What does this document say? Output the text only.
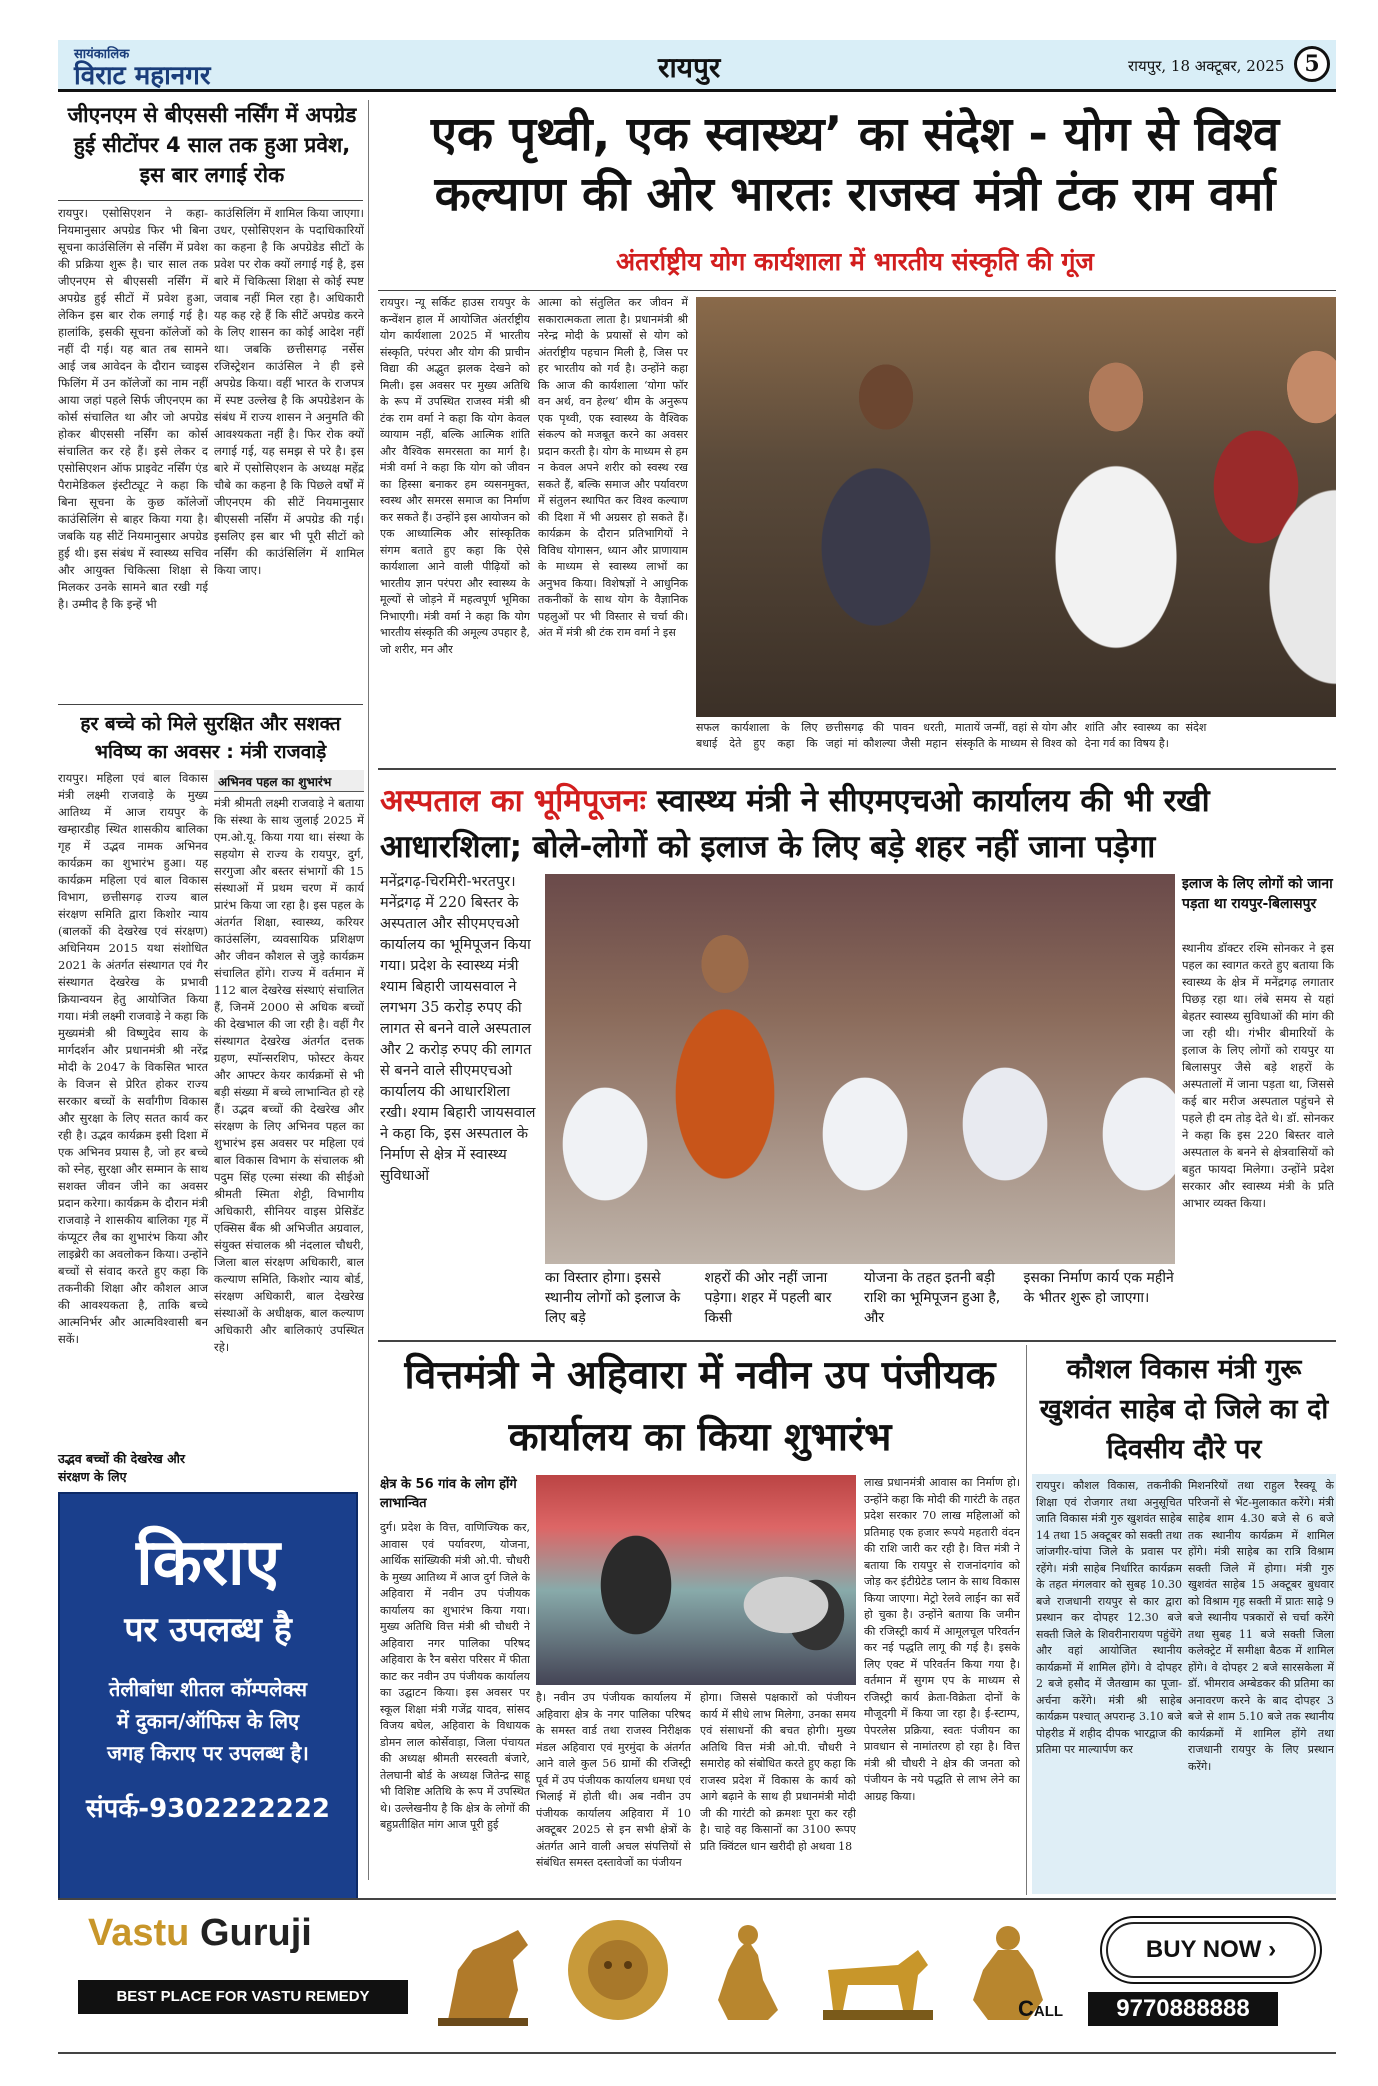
सायंकालिक
विराट महानगर	रायपुर	रायपुर, 18 अक्टूबर, 2025 5
जीएनएम से बीएससी नर्सिंग में अपग्रेड हुई सीटोंपर 4 साल तक हुआ प्रवेश, इस बार लगाई रोक
रायपुर। एसोसिएशन ने कहा- नियमानुसार अपग्रेड फिर भी बिना सूचना काउंसिलिंग से नर्सिंग में प्रवेश की प्रक्रिया शुरू है। चार साल तक जीएनएम से बीएससी नर्सिंग में अपग्रेड हुई सीटों में प्रवेश हुआ, लेकिन इस बार रोक लगाई गई है। हालांकि, इसकी सूचना कॉलेजों को नहीं दी गई। यह बात तब सामने आई जब आवेदन के दौरान च्वाइस फिलिंग में उन कॉलेजों का नाम नहीं आया जहां पहले सिर्फ जीएनएम का कोर्स संचालित था और जो अपग्रेड होकर बीएससी नर्सिंग का कोर्स संचालित कर रहे हैं। इसे लेकर द एसोसिएशन ऑफ प्राइवेट नर्सिंग एंड पैरामेडिकल इंस्टीट्यूट ने कहा कि बिना सूचना के कुछ कॉलेजों काउंसिलिंग से बाहर किया गया है। जबकि यह सीटें नियमानुसार अपग्रेड हुई थी। इस संबंध में स्वास्थ्य सचिव और आयुक्त चिकित्सा शिक्षा से मिलकर उनके सामने बात रखी गई है। उम्मीद है कि इन्हें भी
काउंसिलिंग में शामिल किया जाएगा। उधर, एसोसिएशन के पदाधिकारियों का कहना है कि अपग्रेडेड सीटों के प्रवेश पर रोक क्यों लगाई गई है, इस बारे में चिकित्सा शिक्षा से कोई स्पष्ट जवाब नहीं मिल रहा है। अधिकारी यह कह रहे हैं कि सीटें अपग्रेड करने के लिए शासन का कोई आदेश नहीं था। जबकि छत्तीसगढ़ नर्सेस रजिस्ट्रेशन काउंसिल ने ही इसे अपग्रेड किया। वहीं भारत के राजपत्र में स्पष्ट उल्लेख है कि अपग्रेडेशन के संबंध में राज्य शासन ने अनुमति की आवश्यकता नहीं है। फिर रोक क्यों लगाई गई, यह समझ से परे है। इस बारे में एसोसिएशन के अध्यक्ष महेंद्र चौबे का कहना है कि पिछले वर्षों में जीएनएम की सीटें नियमानुसार बीएससी नर्सिंग में अपग्रेड की गई। इसलिए इस बार भी पूरी सीटों को नर्सिंग की काउंसिलिंग में शामिल किया जाए।
हर बच्चे को मिले सुरक्षित और सशक्त भविष्य का अवसर : मंत्री राजवाड़े
रायपुर। महिला एवं बाल विकास मंत्री लक्ष्मी राजवाड़े के मुख्य आतिथ्य में आज रायपुर के खम्हारडीह स्थित शासकीय बालिका गृह में उद्भव नामक अभिनव कार्यक्रम का शुभारंभ हुआ। यह कार्यक्रम महिला एवं बाल विकास विभाग, छत्तीसगढ़ राज्य बाल संरक्षण समिति द्वारा किशोर न्याय (बालकों की देखरेख एवं संरक्षण) अधिनियम 2015 यथा संशोधित 2021 के अंतर्गत संस्थागत एवं गैर संस्थागत देखरेख के प्रभावी क्रियान्वयन हेतु आयोजित किया गया। मंत्री लक्ष्मी राजवाड़े ने कहा कि मुख्यमंत्री श्री विष्णुदेव साय के मार्गदर्शन और प्रधानमंत्री श्री नरेंद्र मोदी के 2047 के विकसित भारत के विजन से प्रेरित होकर राज्य सरकार बच्चों के सर्वांगीण विकास और सुरक्षा के लिए सतत कार्य कर रही है। उद्भव कार्यक्रम इसी दिशा में एक अभिनव प्रयास है, जो हर बच्चे को स्नेह, सुरक्षा और सम्मान के साथ सशक्त जीवन जीने का अवसर प्रदान करेगा। कार्यक्रम के दौरान मंत्री राजवाड़े ने शासकीय बालिका गृह में कंप्यूटर लैब का शुभारंभ किया और लाइब्रेरी का अवलोकन किया। उन्होंने बच्चों से संवाद करते हुए कहा कि तकनीकी शिक्षा और कौशल आज की आवश्यकता है, ताकि बच्चे आत्मनिर्भर और आत्मविश्वासी बन सकें।
अभिनव पहल का शुभारंभ
मंत्री श्रीमती लक्ष्मी राजवाड़े ने बताया कि संस्था के साथ जुलाई 2025 में एम.ओ.यू. किया गया था। संस्था के सहयोग से राज्य के रायपुर, दुर्ग, सरगुजा और बस्तर संभागों की 15 संस्थाओं में प्रथम चरण में कार्य प्रारंभ किया जा रहा है। इस पहल के अंतर्गत शिक्षा, स्वास्थ्य, करियर काउंसलिंग, व्यवसायिक प्रशिक्षण और जीवन कौशल से जुड़े कार्यक्रम संचालित होंगे। राज्य में वर्तमान में 112 बाल देखरेख संस्थाएं संचालित हैं, जिनमें 2000 से अधिक बच्चों की देखभाल की जा रही है। वहीं गैर संस्थागत देखरेख अंतर्गत दत्तक ग्रहण, स्पॉन्सरशिप, फोस्टर केयर और आफ्टर केयर कार्यक्रमों से भी बड़ी संख्या में बच्चे लाभान्वित हो रहे हैं। उद्भव बच्चों की देखरेख और संरक्षण के लिए अभिनव पहल का शुभारंभ इस अवसर पर महिला एवं बाल विकास विभाग के संचालक श्री पदुम सिंह एल्मा संस्था की सीईओ श्रीमती स्मिता शेट्टी, विभागीय अधिकारी, सीनियर वाइस प्रेसिडेंट एक्सिस बैंक श्री अभिजीत अग्रवाल, संयुक्त संचालक श्री नंदलाल चौधरी, जिला बाल संरक्षण अधिकारी, बाल कल्याण समिति, किशोर न्याय बोर्ड, संरक्षण अधिकारी, बाल देखरेख संस्थाओं के अधीक्षक, बाल कल्याण अधिकारी और बालिकाएं उपस्थित रहे।
उद्भव बच्चों की देखरेख और संरक्षण के लिए
एक पृथ्वी, एक स्वास्थ्य’ का संदेश - योग से विश्व
कल्याण की ओर भारतः राजस्व मंत्री टंक राम वर्मा
अंतर्राष्ट्रीय योग कार्यशाला में भारतीय संस्कृति की गूंज
रायपुर। न्यू सर्किट हाउस रायपुर के कन्वेंशन हाल में आयोजित अंतर्राष्ट्रीय योग कार्यशाला 2025 में भारतीय संस्कृति, परंपरा और योग की प्राचीन विद्या की अद्भुत झलक देखने को मिली। इस अवसर पर मुख्य अतिथि के रूप में उपस्थित राजस्व मंत्री श्री टंक राम वर्मा ने कहा कि योग केवल व्यायाम नहीं, बल्कि आत्मिक शांति और वैश्विक समरसता का मार्ग है। मंत्री वर्मा ने कहा कि योग को जीवन का हिस्सा बनाकर हम व्यसनमुक्त, स्वस्थ और समरस समाज का निर्माण कर सकते हैं। उन्होंने इस आयोजन को एक आध्यात्मिक और सांस्कृतिक संगम बताते हुए कहा कि ऐसे कार्यशाला आने वाली पीढ़ियों को भारतीय ज्ञान परंपरा और स्वास्थ्य के मूल्यों से जोड़ने में महत्वपूर्ण भूमिका निभाएगी। मंत्री वर्मा ने कहा कि योग भारतीय संस्कृति की अमूल्य उपहार है, जो शरीर, मन और
आत्मा को संतुलित कर जीवन में सकारात्मकता लाता है। प्रधानमंत्री श्री नरेन्द्र मोदी के प्रयासों से योग को अंतर्राष्ट्रीय पहचान मिली है, जिस पर हर भारतीय को गर्व है। उन्होंने कहा कि आज की कार्यशाला ‘योगा फॉर वन अर्थ, वन हेल्थ’ थीम के अनुरूप एक पृथ्वी, एक स्वास्थ्य के वैश्विक संकल्प को मजबूत करने का अवसर प्रदान करती है। योग के माध्यम से हम न केवल अपने शरीर को स्वस्थ रख सकते हैं, बल्कि समाज और पर्यावरण में संतुलन स्थापित कर विश्व कल्याण की दिशा में भी अग्रसर हो सकते हैं। कार्यक्रम के दौरान प्रतिभागियों ने विविध योगासन, ध्यान और प्राणायाम के माध्यम से स्वास्थ्य लाभों का अनुभव किया। विशेषज्ञों ने आधुनिक तकनीकों के साथ योग के वैज्ञानिक पहलुओं पर भी विस्तार से चर्चा की। अंत में मंत्री श्री टंक राम वर्मा ने इस
सफल कार्यशाला के लिए बधाई देते हुए कहा कि छत्तीसगढ़ की पावन धरती, जहां मां कौशल्या जैसी महान मातायें जन्मीं, वहां से योग और संस्कृति के माध्यम से विश्व को शांति और स्वास्थ्य का संदेश देना गर्व का विषय है।
अस्पताल का भूमिपूजनः स्वास्थ्य मंत्री ने सीएमएचओ कार्यालय की भी रखी आधारशिला; बोले-लोगों को इलाज के लिए बड़े शहर नहीं जाना पड़ेगा
मनेंद्रगढ़-चिरमिरी-भरतपुर। मनेंद्रगढ़ में 220 बिस्तर के अस्पताल और सीएमएचओ कार्यालय का भूमिपूजन किया गया। प्रदेश के स्वास्थ्य मंत्री श्याम बिहारी जायसवाल ने लगभग 35 करोड़ रुपए की लागत से बनने वाले अस्पताल और 2 करोड़ रुपए की लागत से बनने वाले सीएमएचओ कार्यालय की आधारशिला रखी। श्याम बिहारी जायसवाल ने कहा कि, इस अस्पताल के निर्माण से क्षेत्र में स्वास्थ्य सुविधाओं
का विस्तार होगा। इससे स्थानीय लोगों को इलाज के लिए बड़े
शहरों की ओर नहीं जाना पड़ेगा। शहर में पहली बार किसी
योजना के तहत इतनी बड़ी राशि का भूमिपूजन हुआ है, और
इसका निर्माण कार्य एक महीने के भीतर शुरू हो जाएगा।
इलाज के लिए लोगों को जाना पड़ता था रायपुर-बिलासपुर
स्थानीय डॉक्टर रश्मि सोनकर ने इस पहल का स्वागत करते हुए बताया कि स्वास्थ्य के क्षेत्र में मनेंद्रगढ़ लगातार पिछड़ रहा था। लंबे समय से यहां बेहतर स्वास्थ्य सुविधाओं की मांग की जा रही थी। गंभीर बीमारियों के इलाज के लिए लोगों को रायपुर या बिलासपुर जैसे बड़े शहरों के अस्पतालों में जाना पड़ता था, जिससे कई बार मरीज अस्पताल पहुंचने से पहले ही दम तोड़ देते थे। डॉ. सोनकर ने कहा कि इस 220 बिस्तर वाले अस्पताल के बनने से क्षेत्रवासियों को बहुत फायदा मिलेगा। उन्होंने प्रदेश सरकार और स्वास्थ्य मंत्री के प्रति आभार व्यक्त किया।
वित्तमंत्री ने अहिवारा में नवीन उप पंजीयक कार्यालय का किया शुभारंभ
क्षेत्र के 56 गांव के लोग होंगे लाभान्वित
दुर्ग। प्रदेश के वित्त, वाणिज्यिक कर, आवास एवं पर्यावरण, योजना, आर्थिक सांख्यिकी मंत्री ओ.पी. चौधरी के मुख्य आतिथ्य में आज दुर्ग जिले के अहिवारा में नवीन उप पंजीयक कार्यालय का शुभारंभ किया गया। मुख्य अतिथि वित्त मंत्री श्री चौधरी ने अहिवारा नगर पालिका परिषद अहिवारा के रैन बसेरा परिसर में फीता काट कर नवीन उप पंजीयक कार्यालय का उद्घाटन किया। इस अवसर पर स्कूल शिक्षा मंत्री गजेंद्र यादव, सांसद विजय बघेल, अहिवारा के विधायक डोमन लाल कोर्सेवाड़ा, जिला पंचायत की अध्यक्ष श्रीमती सरस्वती बंजारे, तेलघानी बोर्ड के अध्यक्ष जितेन्द्र साहू भी विशिष्ट अतिथि के रूप में उपस्थित थे। उल्लेखनीय है कि क्षेत्र के लोगों की बहुप्रतीक्षित मांग आज पूरी हुई
है। नवीन उप पंजीयक कार्यालय में अहिवारा क्षेत्र के नगर पालिका परिषद के समस्त वार्ड तथा राजस्व निरीक्षक मंडल अहिवारा एवं मुरमुंदा के अंतर्गत आने वाले कुल 56 ग्रामों की रजिस्ट्री पूर्व में उप पंजीयक कार्यालय धमधा एवं भिलाई में होती थी। अब नवीन उप पंजीयक कार्यालय अहिवारा में 10 अक्टूबर 2025 से इन सभी क्षेत्रों के अंतर्गत आने वाली अचल संपत्तियों से संबंधित समस्त दस्तावेजों का पंजीयन
होगा। जिससे पक्षकारों को पंजीयन कार्य में सीधे लाभ मिलेगा, उनका समय एवं संसाधनों की बचत होगी। मुख्य अतिथि वित्त मंत्री ओ.पी. चौधरी ने समारोह को संबोधित करते हुए कहा कि राजस्व प्रदेश में विकास के कार्य को आगे बढ़ाने के साथ ही प्रधानमंत्री मोदी जी की गारंटी को क्रमशः पूरा कर रही है। चाहे वह किसानों का 3100 रूपए प्रति क्विंटल धान खरीदी हो अथवा 18
लाख प्रधानमंत्री आवास का निर्माण हो। उन्होंने कहा कि मोदी की गारंटी के तहत प्रदेश सरकार 70 लाख महिलाओं को प्रतिमाह एक हजार रूपये महतारी वंदन की राशि जारी कर रही है। वित्त मंत्री ने बताया कि रायपुर से राजनांदगांव को जोड़ कर इंटीग्रेटेड प्लान के साथ विकास किया जाएगा। मेट्रो रेलवे लाईन का सर्वे हो चुका है। उन्होंने बताया कि जमीन की रजिस्ट्री कार्य में आमूलचूल परिवर्तन कर नई पद्धति लागू की गई है। इसके लिए एक्ट में परिवर्तन किया गया है। वर्तमान में सुगम एप के माध्यम से रजिस्ट्री कार्य क्रेता-विक्रेता दोनों के मौजूदगी में किया जा रहा है। ई-स्टाम्प, पेपरलेस प्रक्रिया, स्वतः पंजीयन का प्रावधान से नामांतरण हो रहा है। वित्त मंत्री श्री चौधरी ने क्षेत्र की जनता को पंजीयन के नये पद्धति से लाभ लेने का आग्रह किया।
कौशल विकास मंत्री गुरू खुशवंत साहेब दो जिले का दो दिवसीय दौरे पर
रायपुर। कौशल विकास, तकनीकी शिक्षा एवं रोजगार तथा अनुसूचित जाति विकास मंत्री गुरु खुशवंत साहेब 14 तथा 15 अक्टूबर को सक्ती तथा जांजगीर-चांपा जिले के प्रवास पर रहेंगे। मंत्री साहेब निर्धारित कार्यक्रम के तहत मंगलवार को सुबह 10.30 बजे राजधानी रायपुर से कार द्वारा प्रस्थान कर दोपहर 12.30 बजे सक्ती जिले के शिवरीनारायण पहुंचेंगे और वहां आयोजित स्थानीय कार्यक्रमों में शामिल होंगे। वे दोपहर 2 बजे हसौद में जैतखाम का पूजा-अर्चना करेंगे। मंत्री श्री साहेब कार्यक्रम पश्चात् अपरान्ह 3.10 बजे पोहरीड में शहीद दीपक भारद्वाज की प्रतिमा पर माल्यार्पण कर
मिशनरियों तथा राहुल रैस्क्यू के परिजनों से भेंट-मुलाकात करेंगे। मंत्री साहेब शाम 4.30 बजे से 6 बजे तक स्थानीय कार्यक्रम में शामिल होंगे। मंत्री साहेब का रात्रि विश्राम सक्ती जिले में होगा। मंत्री गुरु खुशवंत साहेब 15 अक्टूबर बुधवार को विश्राम गृह सक्ती में प्रातः साढ़े 9 बजे स्थानीय पत्रकारों से चर्चा करेंगे तथा सुबह 11 बजे सक्ती जिला कलेक्ट्रेट में समीक्षा बैठक में शामिल होंगे। वे दोपहर 2 बजे सारसकेला में डॉ. भीमराव अम्बेडकर की प्रतिमा का अनावरण करने के बाद दोपहर 3 बजे से शाम 5.10 बजे तक स्थानीय कार्यक्रमों में शामिल होंगे तथा राजधानी रायपुर के लिए प्रस्थान करेंगे।
किराए
पर उपलब्ध है
तेलीबांधा शीतल कॉम्पलेक्स
में दुकान/ऑफिस के लिए
जगह किराए पर उपलब्ध है।
संपर्क-9302222222
Vastu Guruji
BEST PLACE FOR VASTU REMEDY
BUY NOW ›
Call	9770888888
